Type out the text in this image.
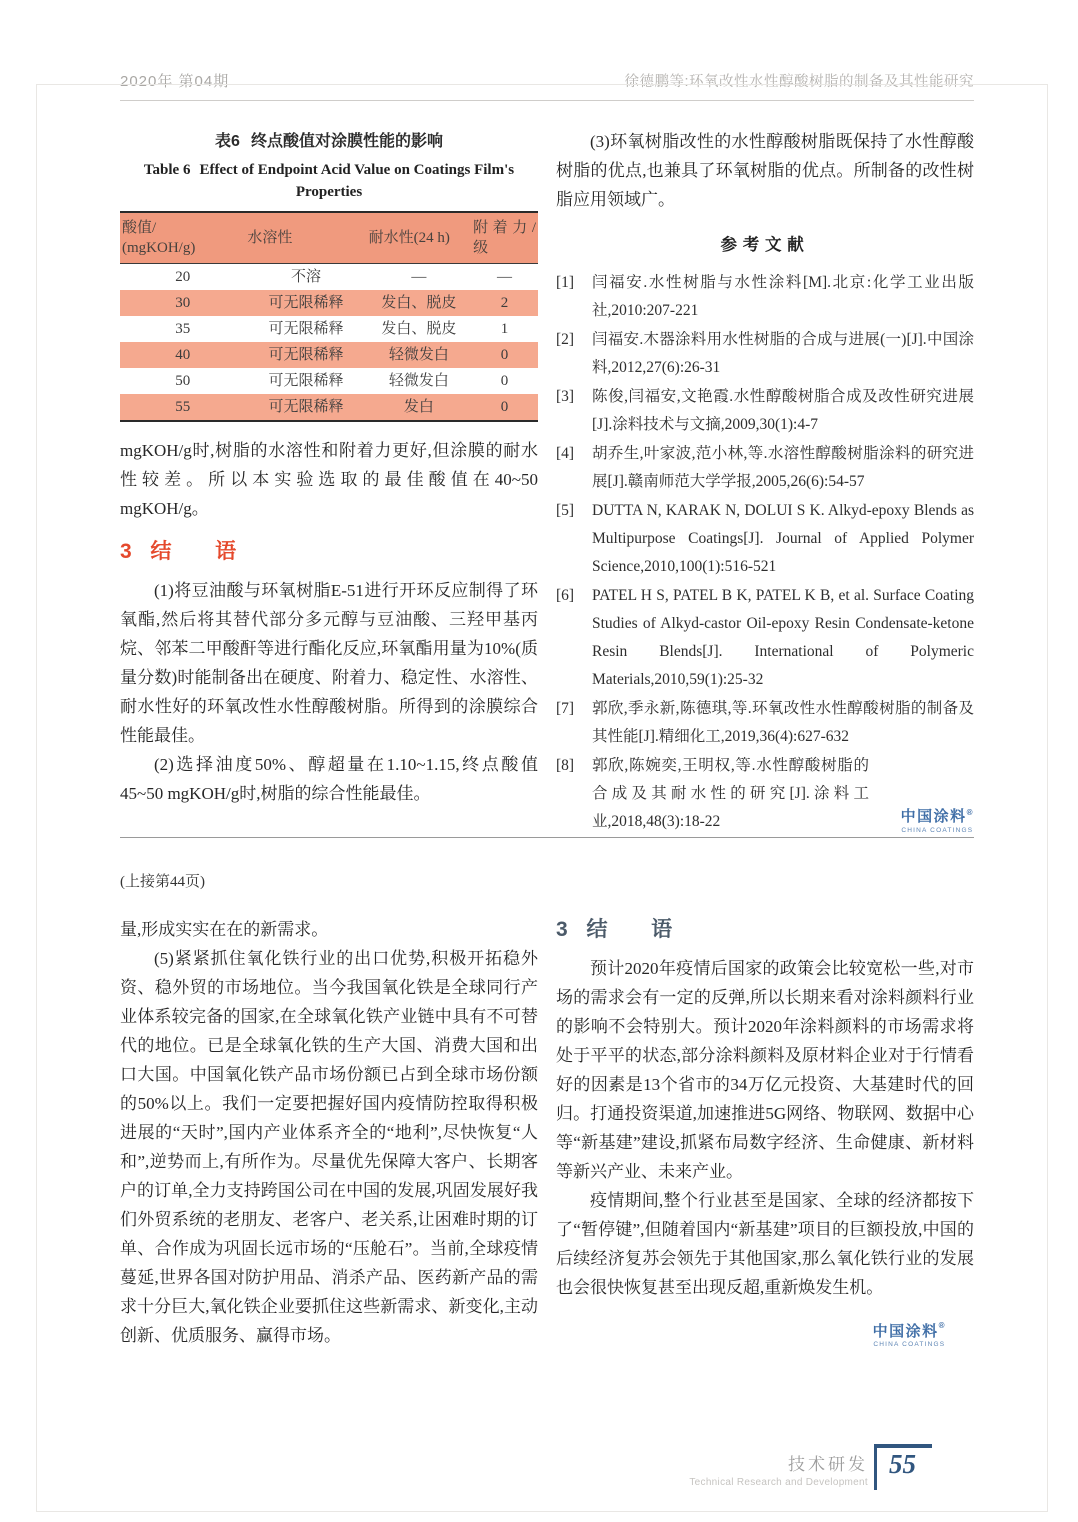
2020年 第04期	徐德鹏等:环氧改性水性醇酸树脂的制备及其性能研究
表6 终点酸值对涂膜性能的影响
Table 6 Effect of Endpoint Acid Value on Coatings Film's
Properties
酸值/
(mgKOH/g)	水溶性	耐水性(24 h)	附着力/级
20	不溶	—	—
30	可无限稀释	发白、脱皮	2
35	可无限稀释	发白、脱皮	1
40	可无限稀释	轻微发白	0
50	可无限稀释	轻微发白	0
55	可无限稀释	发白	0

mgKOH/g时,树脂的水溶性和附着力更好,但涂膜的耐水性较差。所以本实验选取的最佳酸值在40~50 mgKOH/g。

3 结 语

(1)将豆油酸与环氧树脂E-51进行开环反应制得了环氧酯,然后将其替代部分多元醇与豆油酸、三羟甲基丙烷、邻苯二甲酸酐等进行酯化反应,环氧酯用量为10%(质量分数)时能制备出在硬度、附着力、稳定性、水溶性、耐水性好的环氧改性水性醇酸树脂。所得到的涂膜综合性能最佳。

(2)选择油度50%、醇超量在1.10~1.15,终点酸值45~50 mgKOH/g时,树脂的综合性能最佳。

(3)环氧树脂改性的水性醇酸树脂既保持了水性醇酸树脂的优点,也兼具了环氧树脂的优点。所制备的改性树脂应用领域广。

参考文献
[1]	闫福安.水性树脂与水性涂料[M].北京:化学工业出版社,2010:207-221
[2]	闫福安.木器涂料用水性树脂的合成与进展(一)[J].中国涂料,2012,27(6):26-31
[3]	陈俊,闫福安,文艳霞.水性醇酸树脂合成及改性研究进展[J].涂料技术与文摘,2009,30(1):4-7
[4]	胡乔生,叶家波,范小林,等.水溶性醇酸树脂涂料的研究进展[J].赣南师范大学学报,2005,26(6):54-57
[5]	DUTTA N, KARAK N, DOLUI S K. Alkyd-epoxy Blends as Multipurpose Coatings[J]. Journal of Applied Polymer Science,2010,100(1):516-521
[6]	PATEL H S, PATEL B K, PATEL K B, et al. Surface Coating Studies of Alkyd-castor Oil-epoxy Resin Condensate-ketone Resin Blends[J]. International of Polymeric Materials,2010,59(1):25-32
[7]	郭欣,季永新,陈德琪,等.环氧改性水性醇酸树脂的制备及其性能[J].精细化工,2019,36(4):627-632
[8]	郭欣,陈婉奕,王明权,等.水性醇酸树脂的合成及其耐水性的研究[J].涂料工业,2018,48(3):18-22	中国涂料®
CHINA COATINGS
(上接第44页)

量,形成实实在在的新需求。

(5)紧紧抓住氧化铁行业的出口优势,积极开拓稳外资、稳外贸的市场地位。当今我国氧化铁是全球同行产业体系较完备的国家,在全球氧化铁产业链中具有不可替代的地位。已是全球氧化铁的生产大国、消费大国和出口大国。中国氧化铁产品市场份额已占到全球市场份额的50%以上。我们一定要把握好国内疫情防控取得积极进展的“天时”,国内产业体系齐全的“地利”,尽快恢复“人和”,逆势而上,有所作为。尽量优先保障大客户、长期客户的订单,全力支持跨国公司在中国的发展,巩固发展好我们外贸系统的老朋友、老客户、老关系,让困难时期的订单、合作成为巩固长远市场的“压舱石”。当前,全球疫情蔓延,世界各国对防护用品、消杀产品、医药新产品的需求十分巨大,氧化铁企业要抓住这些新需求、新变化,主动创新、优质服务、赢得市场。

3 结 语

预计2020年疫情后国家的政策会比较宽松一些,对市场的需求会有一定的反弹,所以长期来看对涂料颜料行业的影响不会特别大。预计2020年涂料颜料的市场需求将处于平平的状态,部分涂料颜料及原材料企业对于行情看好的因素是13个省市的34万亿元投资、大基建时代的回归。打通投资渠道,加速推进5G网络、物联网、数据中心等“新基建”建设,抓紧布局数字经济、生命健康、新材料等新兴产业、未来产业。

疫情期间,整个行业甚至是国家、全球的经济都按下了“暂停键”,但随着国内“新基建”项目的巨额投放,中国的后续经济复苏会领先于其他国家,那么氧化铁行业的发展也会很快恢复甚至出现反超,重新焕发生机。

中国涂料®
CHINA COATINGS
技术研发
Technical Research and Development
55
